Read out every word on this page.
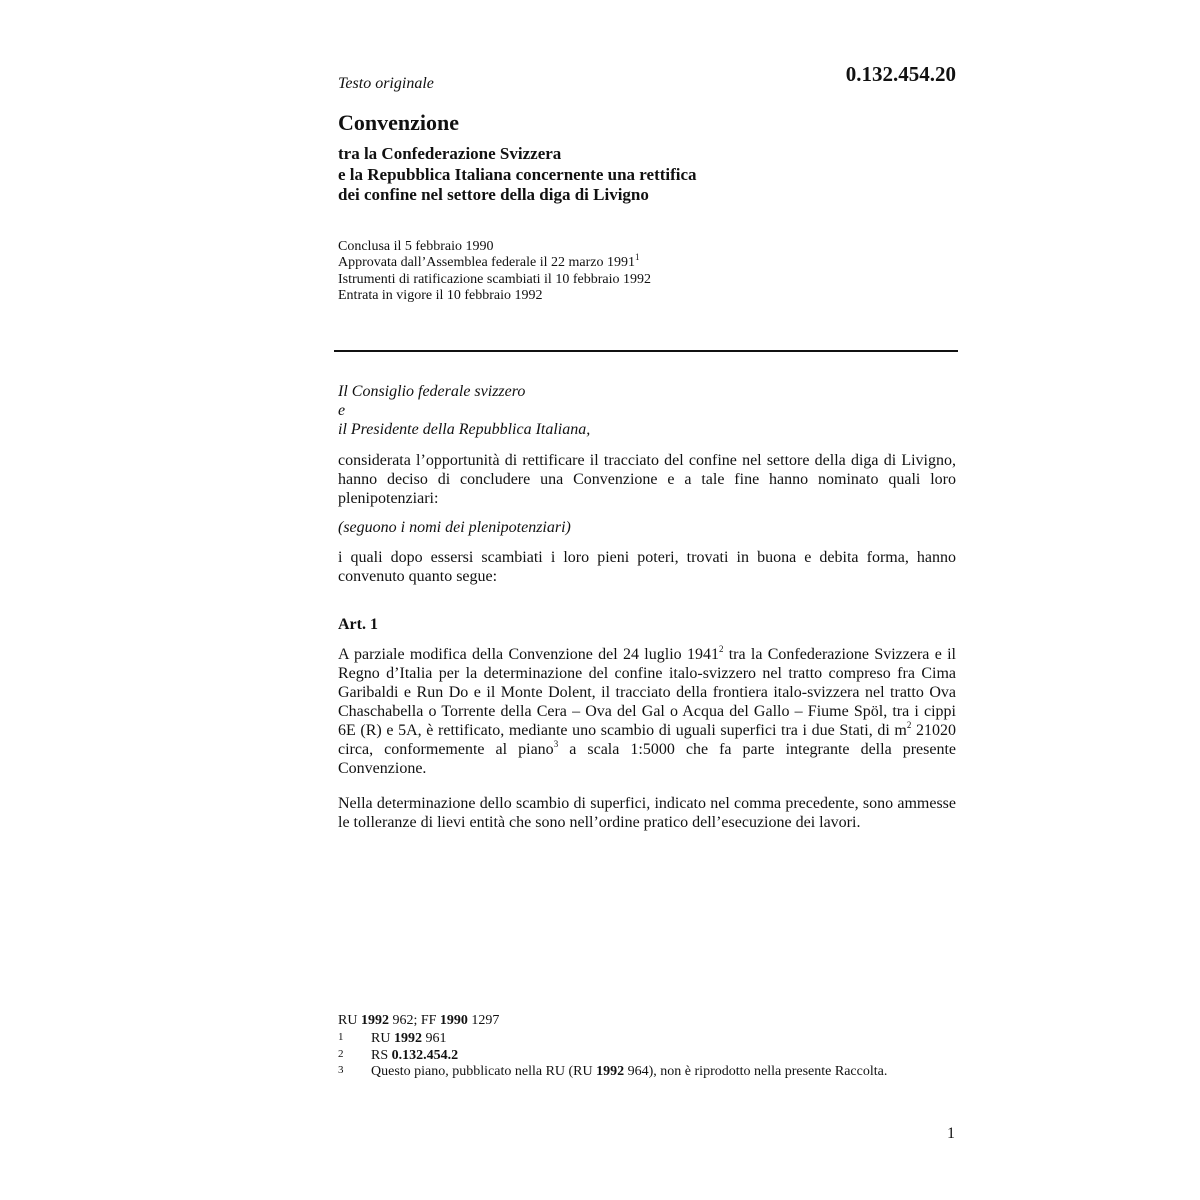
Testo originale	0.132.454.20
Convenzione
tra la Confederazione Svizzera
e la Repubblica Italiana concernente una rettifica
dei confine nel settore della diga di Livigno
Conclusa il 5 febbraio 1990
Approvata dall’Assemblea federale il 22 marzo 1991$^1$
Istrumenti di ratificazione scambiati il 10 febbraio 1992
Entrata in vigore il 10 febbraio 1992
Il Consiglio federale svizzero
e
il Presidente della Repubblica Italiana,
considerata l’opportunità di rettificare il tracciato del confine nel settore della diga di Livigno, hanno deciso di concludere una Convenzione e a tale fine hanno nominato quali loro plenipotenziari:
(seguono i nomi dei plenipotenziari)
i quali dopo essersi scambiati i loro pieni poteri, trovati in buona e debita forma, hanno convenuto quanto segue:
Art. 1
A parziale modifica della Convenzione del 24 luglio 1941$^2$ tra la Confederazione Svizzera e il Regno d’Italia per la determinazione del confine italo-svizzero nel tratto compreso fra Cima Garibaldi e Run Do e il Monte Dolent, il tracciato della frontiera italo-svizzera nel tratto Ova Chaschabella o Torrente della Cera – Ova del Gal o Acqua del Gallo – Fiume Spöl, tra i cippi 6E (R) e 5A, è rettificato, mediante uno scambio di uguali superfici tra i due Stati, di $m^2$ 21020 circa, conformemente al piano$^3$ a scala 1:5000 che fa parte integrante della presente Convenzione.
Nella determinazione dello scambio di superfici, indicato nel comma precedente, sono ammesse le tolleranze di lievi entità che sono nell’ordine pratico dell’esecuzione dei lavori.
RU 1992 962; FF 1990 1297
1	RU 1992 961
2	RS 0.132.454.2
3	Questo piano, pubblicato nella RU (RU 1992 964), non è riprodotto nella presente Raccolta.
1
